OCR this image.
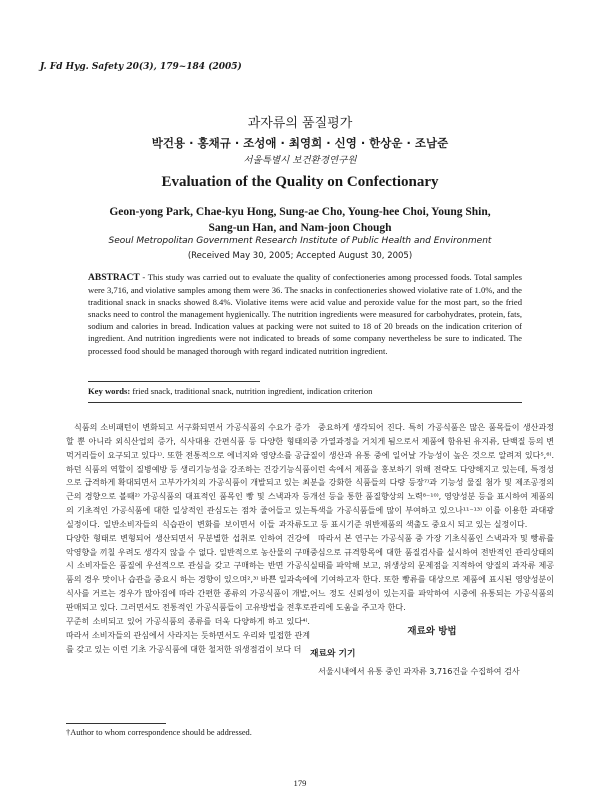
J. Fd Hyg. Safety 20(3), 179~184 (2005)
과자류의 품질평가
박건용 · 홍채규 · 조성애 · 최영희 · 신영 · 한상운 · 조남준
서울특별시 보건환경연구원
Evaluation of the Quality on Confectionary
Geon-yong Park, Chae-kyu Hong, Sung-ae Cho, Young-hee Choi, Young Shin,
Sang-un Han, and Nam-joon Chough
Seoul Metropolitan Government Research Institute of Public Health and Environment
(Received May 30, 2005; Accepted August 30, 2005)
ABSTRACT - This study was carried out to evaluate the quality of confectioneries among processed foods. Total samples were 3,716, and violative samples among them were 36. The snacks in confectioneries showed violative rate of 1.0%, and the traditional snack in snacks showed 8.4%. Violative items were acid value and peroxide value for the most part, so the fried snacks need to control the management hygienically. The nutrition ingredients were measured for carbohydrates, protein, fats, sodium and calories in bread. Indication values at packing were not suited to 18 of 20 breads on the indication criterion of ingredient. And nutrition ingredients were not indicated to breads of some company nevertheless be sure to indicated. The processed food should be managed thorough with regard indicated nutrition ingredient.
Key words: fried snack, traditional snack, nutrition ingredient, indication criterion

식품의 소비패턴이 변화되고 서구화되면서 가공식품의 수요가 증가할 뿐 아니라 외식산업의 증가, 식사대용 간편식품 등 다양한 형태의 먹거리들이 요구되고 있다¹⁾. 또한 전통적으로 에너지와 영양소를 공급하던 식품의 역할이 질병예방 등 생리기능성을 강조하는 건강기능식품으로 급격하게 확대되면서 고부가가치의 가공식품이 개발되고 있는 최근의 경향으로 볼때²⁾ 가공식품의 대표적인 품목인 빵 및 스낵과자 등의 기초적인 가공식품에 대한 일상적인 관심도는 점차 줄어들고 있는 실정이다. 일반소비자들의 식습관이 변화를 보이면서 이들 과자류도 다양한 형태로 변형되어 생산되면서 무분별한 섭취로 인하여 건강에 악영향을 끼칠 우려도 생각지 않을 수 없다. 일반적으로 농산물의 구매 시 소비자들은 품질에 우선적으로 관심을 갖고 구매하는 반면 가공식품의 경우 맛이나 습관을 중요시 하는 경향이 있으며²,³⁾ 바쁜 일과속에 식사를 거르는 경우가 많아짐에 따라 간편한 종류의 가공식품이 개발, 판매되고 있다. 그러면서도 전통적인 가공식품들이 고유방법을 전후로 꾸준히 소비되고 있어 가공식품의 종류를 더욱 다양하게 하고 있다⁴⁾. 따라서 소비자들의 관심에서 사라지는 듯하면서도 우리와 밀접한 관계를 갖고 있는 이런 기초 가공식품에 대한 철저한 위생점검이 보다 더

중요하게 생각되어 진다. 특히 가공식품은 많은 품목들이 생산과정 중 가열과정을 거치게 됨으로서 제품에 함유된 유지류, 단백질 등의 변질이 생산과 유통 중에 일어날 가능성이 높은 것으로 알려져 있다⁵,⁶⁾. 이런 속에서 제품을 홍보하기 위해 전략도 다양해지고 있는데, 특정성분을 강화한 식품들의 다량 등장⁷⁾과 기능성 물질 첨가 및 제조공정의 개선 등을 통한 품질향상의 노력⁸⁻¹⁰⁾, 영양성분 등을 표시하여 제품의 특색을 가공식품들에 많이 부여하고 있으나¹¹⁻¹³⁾ 이를 이용한 과대광고 등 표시기준 위반제품의 색출도 중요시 되고 있는 실정이다.

따라서 본 연구는 가공식품 중 가장 기초식품인 스낵과자 및 빵류를 중심으로 규격항목에 대한 품질검사를 실시하여 전반적인 관리상태의 실태를 파악해 보고, 위생상의 문제점을 지적하여 양질의 과자류 제공에 기여하고자 한다. 또한 빵류를 대상으로 제품에 표시된 영양성분이 어느 정도 신뢰성이 있는지를 파악하여 시중에 유통되는 가공식품의 관리에 도움을 주고자 한다.

재료와 방법
재료와 기기

서울시내에서 유통 중인 과자류 3,716건을 수집하여 검사

†Author to whom correspondence should be addressed.
179
